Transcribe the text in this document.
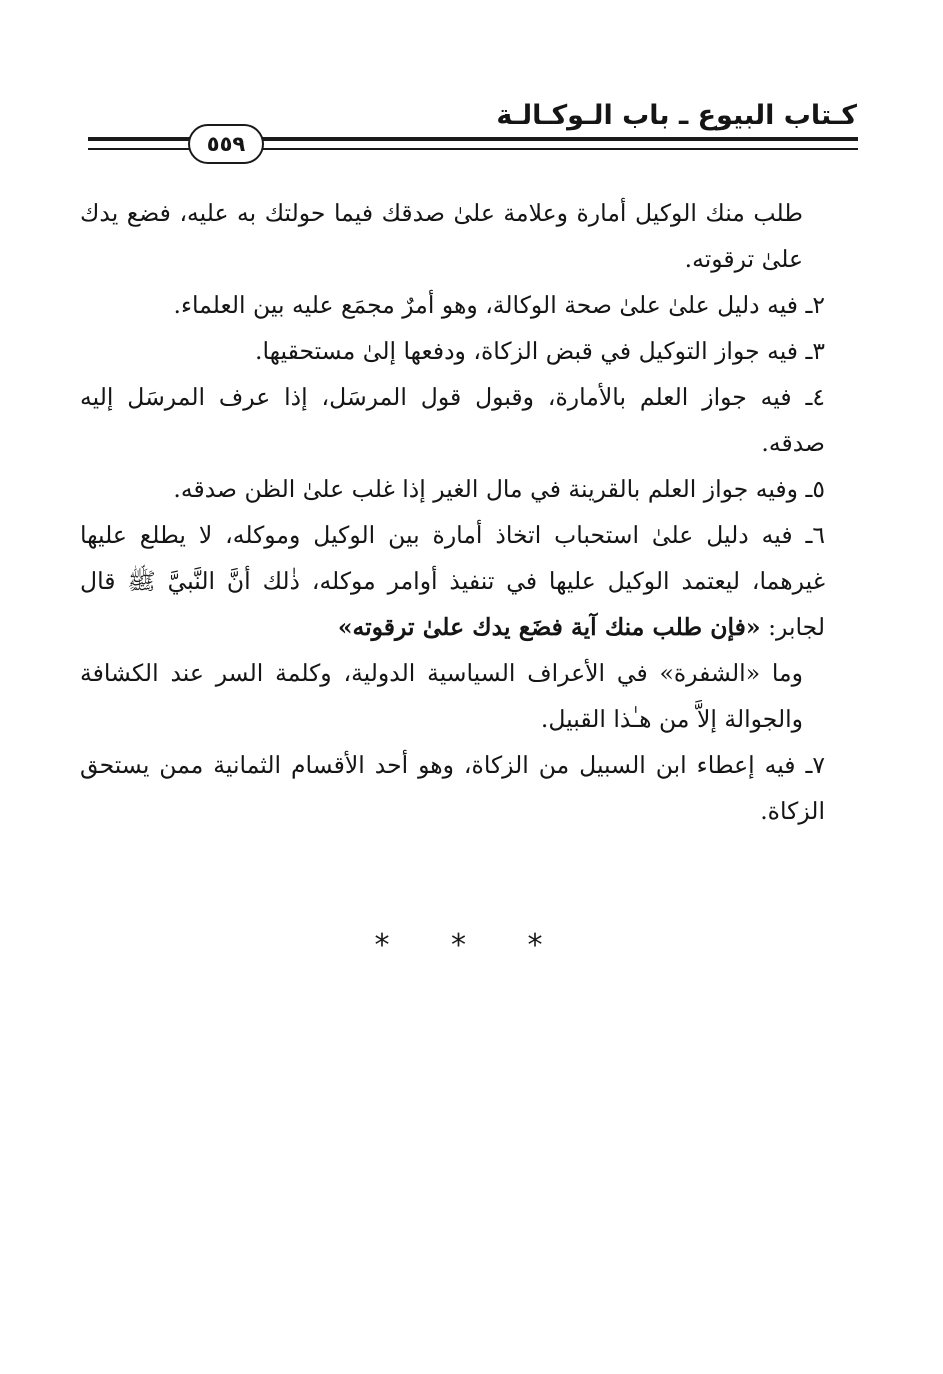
كـتاب البيوع ـ باب الـوكـالـة
٥٥٩

طلب منك الوكيل أمارة وعلامة علىٰ صدقك فيما حولتك به عليه، فضع يدك علىٰ ترقوته.

٢ـ فيه دليل علىٰ علىٰ صحة الوكالة، وهو أمرٌ مجمَع عليه بين العلماء.

٣ـ فيه جواز التوكيل في قبض الزكاة، ودفعها إلىٰ مستحقيها.

٤ـ فيه جواز العلم بالأمارة، وقبول قول المرسَل، إذا عرف المرسَل إليه صدقه.

٥ـ وفيه جواز العلم بالقرينة في مال الغير إذا غلب علىٰ الظن صدقه.

٦ـ فيه دليل علىٰ استحباب اتخاذ أمارة بين الوكيل وموكله، لا يطلع عليها غيرهما، ليعتمد الوكيل عليها في تنفيذ أوامر موكله، ذٰلك أنَّ النَّبيَّ ﷺ قال لجابر: «فإن طلب منك آية فضَع يدك علىٰ ترقوته»

وما «الشفرة» في الأعراف السياسية الدولية، وكلمة السر عند الكشافة والجوالة إلاَّ من هـٰذا القبيل.

٧ـ فيه إعطاء ابن السبيل من الزكاة، وهو أحد الأقسام الثمانية ممن يستحق الزكاة.

* * *
